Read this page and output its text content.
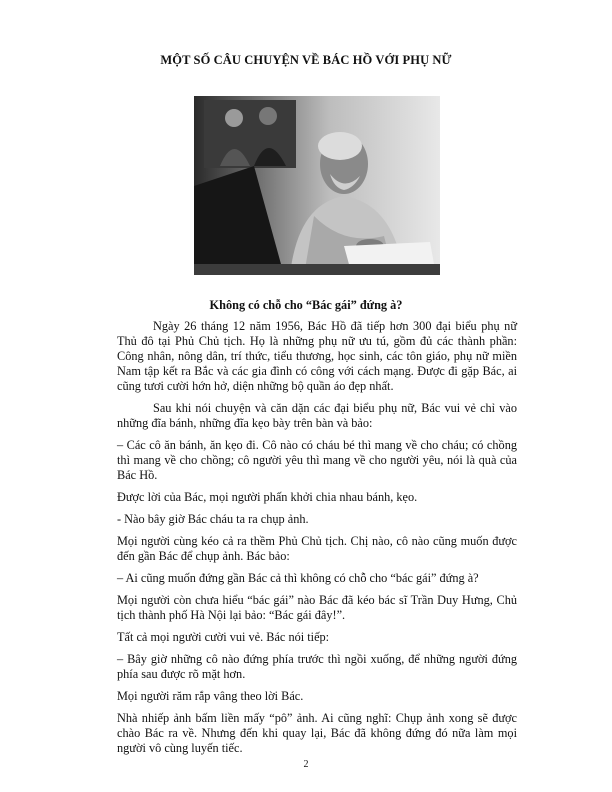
MỘT SỐ CÂU CHUYỆN VỀ BÁC HỒ VỚI PHỤ NỮ
Không có chỗ cho “Bác gái” đứng à?

Ngày 26 tháng 12 năm 1956, Bác Hồ đã tiếp hơn 300 đại biểu phụ nữ Thủ đô tại Phủ Chủ tịch. Họ là những phụ nữ ưu tú, gồm đủ các thành phần: Công nhân, nông dân, trí thức, tiểu thương, học sinh, các tôn giáo, phụ nữ miền Nam tập kết ra Bắc và các gia đình có công với cách mạng. Được đi gặp Bác, ai cũng tươi cười hớn hở, diện những bộ quần áo đẹp nhất.

Sau khi nói chuyện và căn dặn các đại biểu phụ nữ, Bác vui vẻ chỉ vào những đĩa bánh, những đĩa kẹo bày trên bàn và bảo:

– Các cô ăn bánh, ăn kẹo đi. Cô nào có cháu bé thì mang về cho cháu; có chồng thì mang về cho chồng; cô người yêu thì mang về cho người yêu, nói là quà của Bác Hồ.

Được lời của Bác, mọi người phấn khởi chia nhau bánh, kẹo.

- Nào bây giờ Bác cháu ta ra chụp ảnh.

Mọi người cùng kéo cả ra thềm Phủ Chủ tịch. Chị nào, cô nào cũng muốn được đến gần Bác để chụp ảnh. Bác bảo:

– Ai cũng muốn đứng gần Bác cả thì không có chỗ cho “bác gái” đứng à?

Mọi người còn chưa hiểu “bác gái” nào Bác đã kéo bác sĩ Trần Duy Hưng, Chủ tịch thành phố Hà Nội lại bảo: “Bác gái đây!”.

Tất cả mọi người cười vui vẻ. Bác nói tiếp:

– Bây giờ những cô nào đứng phía trước thì ngồi xuống, để những người đứng phía sau được rõ mặt hơn.

Mọi người răm rắp vâng theo lời Bác.

Nhà nhiếp ảnh bấm liền mấy “pô” ảnh. Ai cũng nghĩ: Chụp ảnh xong sẽ được chào Bác ra về. Nhưng đến khi quay lại, Bác đã không đứng đó nữa làm mọi người vô cùng luyến tiếc.

2
